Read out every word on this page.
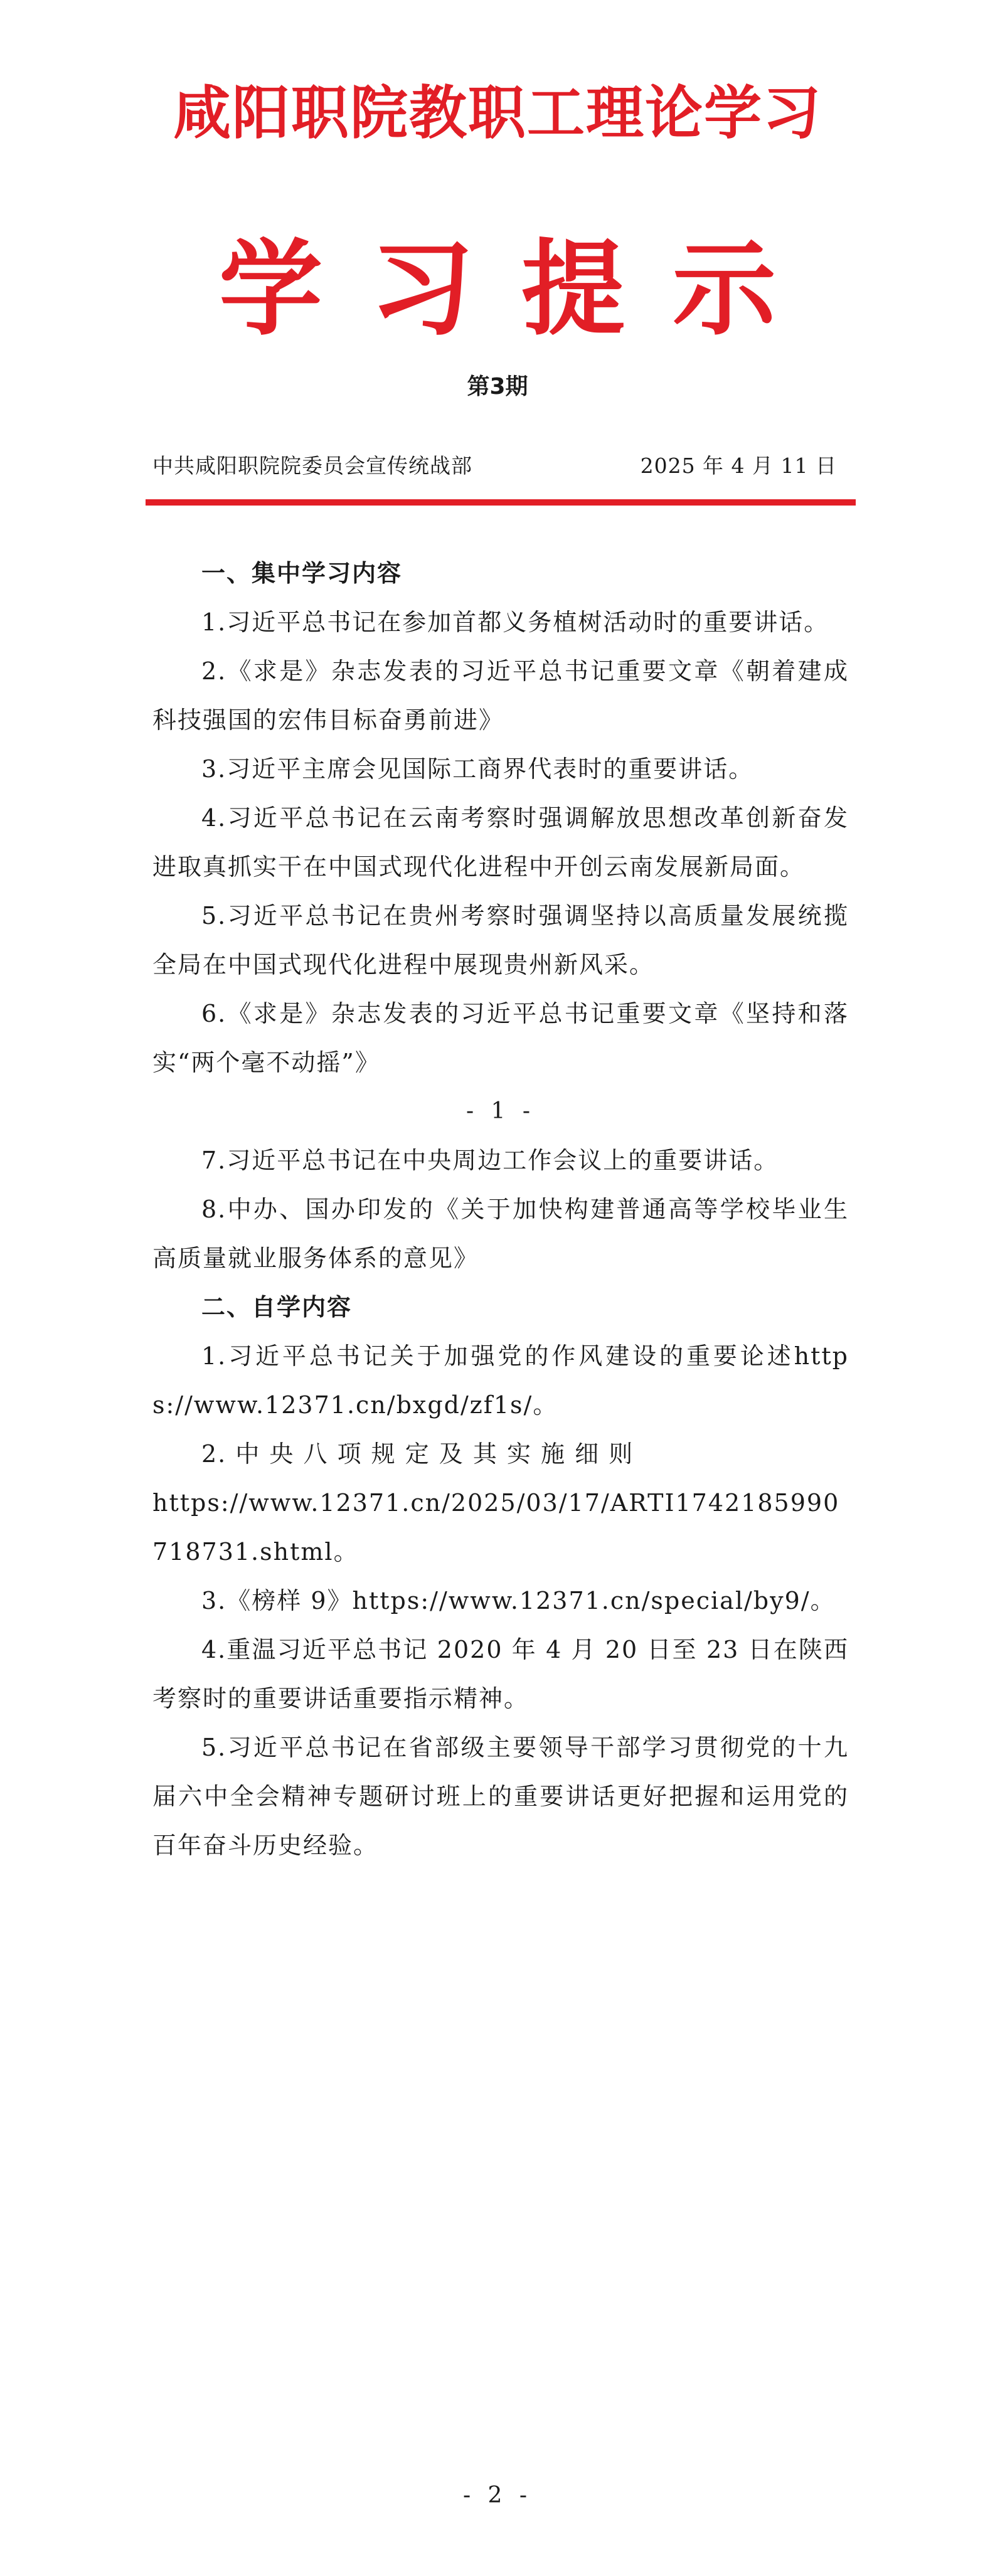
咸阳职院教职工理论学习
学习提示
第3期
中共咸阳职院院委员会宣传统战部	2025 年 4 月 11 日

一、集中学习内容

1.习近平总书记在参加首都义务植树活动时的重要讲话。

2.《求是》杂志发表的习近平总书记重要文章《朝着建成科技强国的宏伟目标奋勇前进》

3.习近平主席会见国际工商界代表时的重要讲话。

4.习近平总书记在云南考察时强调解放思想改革创新奋发进取真抓实干在中国式现代化进程中开创云南发展新局面。

5.习近平总书记在贵州考察时强调坚持以高质量发展统揽全局在中国式现代化进程中展现贵州新风采。

6.《求是》杂志发表的习近平总书记重要文章《坚持和落实“两个毫不动摇”》

- 1 -

7.习近平总书记在中央周边工作会议上的重要讲话。

8.中办、国办印发的《关于加快构建普通高等学校毕业生高质量就业服务体系的意见》

二、自学内容

1.习近平总书记关于加强党的作风建设的重要论述https://www.12371.cn/bxgd/zf1s/。

2. 中 央 八 项 规 定 及 其 实 施 细 则

https://www.12371.cn/2025/03/17/ARTI1742185990718731.shtml。

3.《榜样 9》https://www.12371.cn/special/by9/。

4.重温习近平总书记 2020 年 4 月 20 日至 23 日在陕西考察时的重要讲话重要指示精神。

5.习近平总书记在省部级主要领导干部学习贯彻党的十九届六中全会精神专题研讨班上的重要讲话更好把握和运用党的百年奋斗历史经验。

- 2 -
